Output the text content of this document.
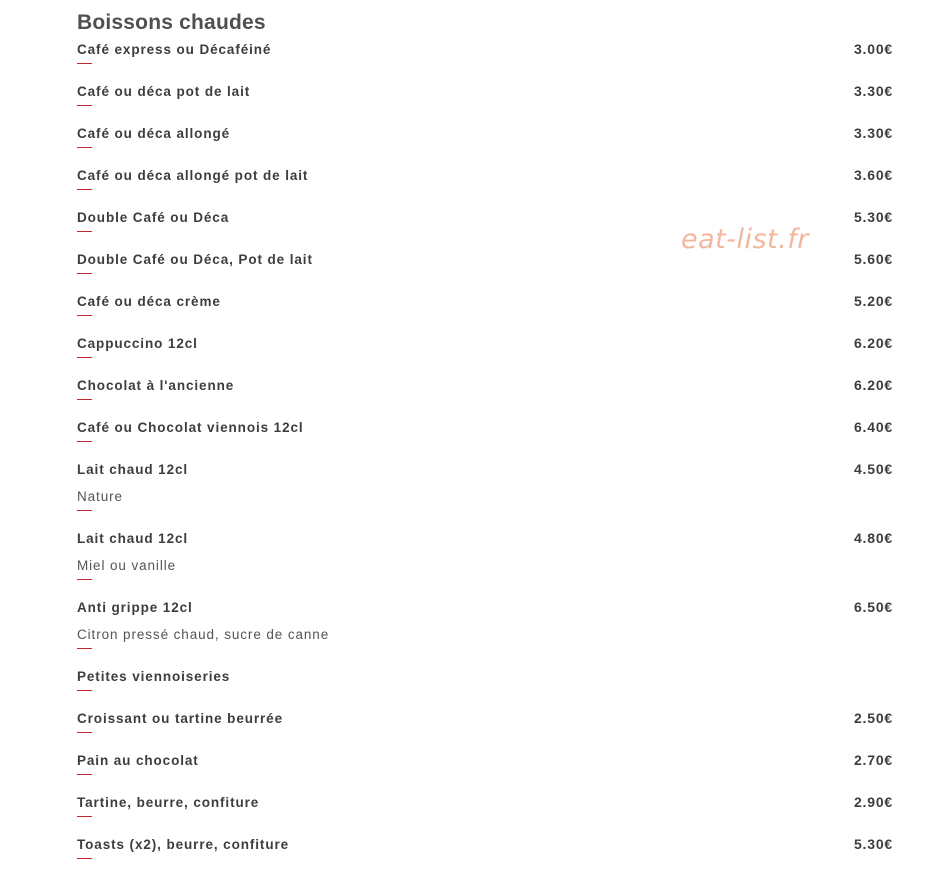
Boissons chaudes
Café express ou Décaféiné	3.00€
Café ou déca pot de lait	3.30€
Café ou déca allongé	3.30€
Café ou déca allongé pot de lait	3.60€
Double Café ou Déca	5.30€
Double Café ou Déca, Pot de lait	5.60€
Café ou déca crème	5.20€
Cappuccino 12cl	6.20€
Chocolat à l'ancienne	6.20€
Café ou Chocolat viennois 12cl	6.40€
Lait chaud 12cl	4.50€
Nature
Lait chaud 12cl	4.80€
Miel ou vanille
Anti grippe 12cl	6.50€
Citron pressé chaud, sucre de canne
Petites viennoiseries
Croissant ou tartine beurrée	2.50€
Pain au chocolat	2.70€
Tartine, beurre, confiture	2.90€
Toasts (x2), beurre, confiture	5.30€
eat-list.fr
